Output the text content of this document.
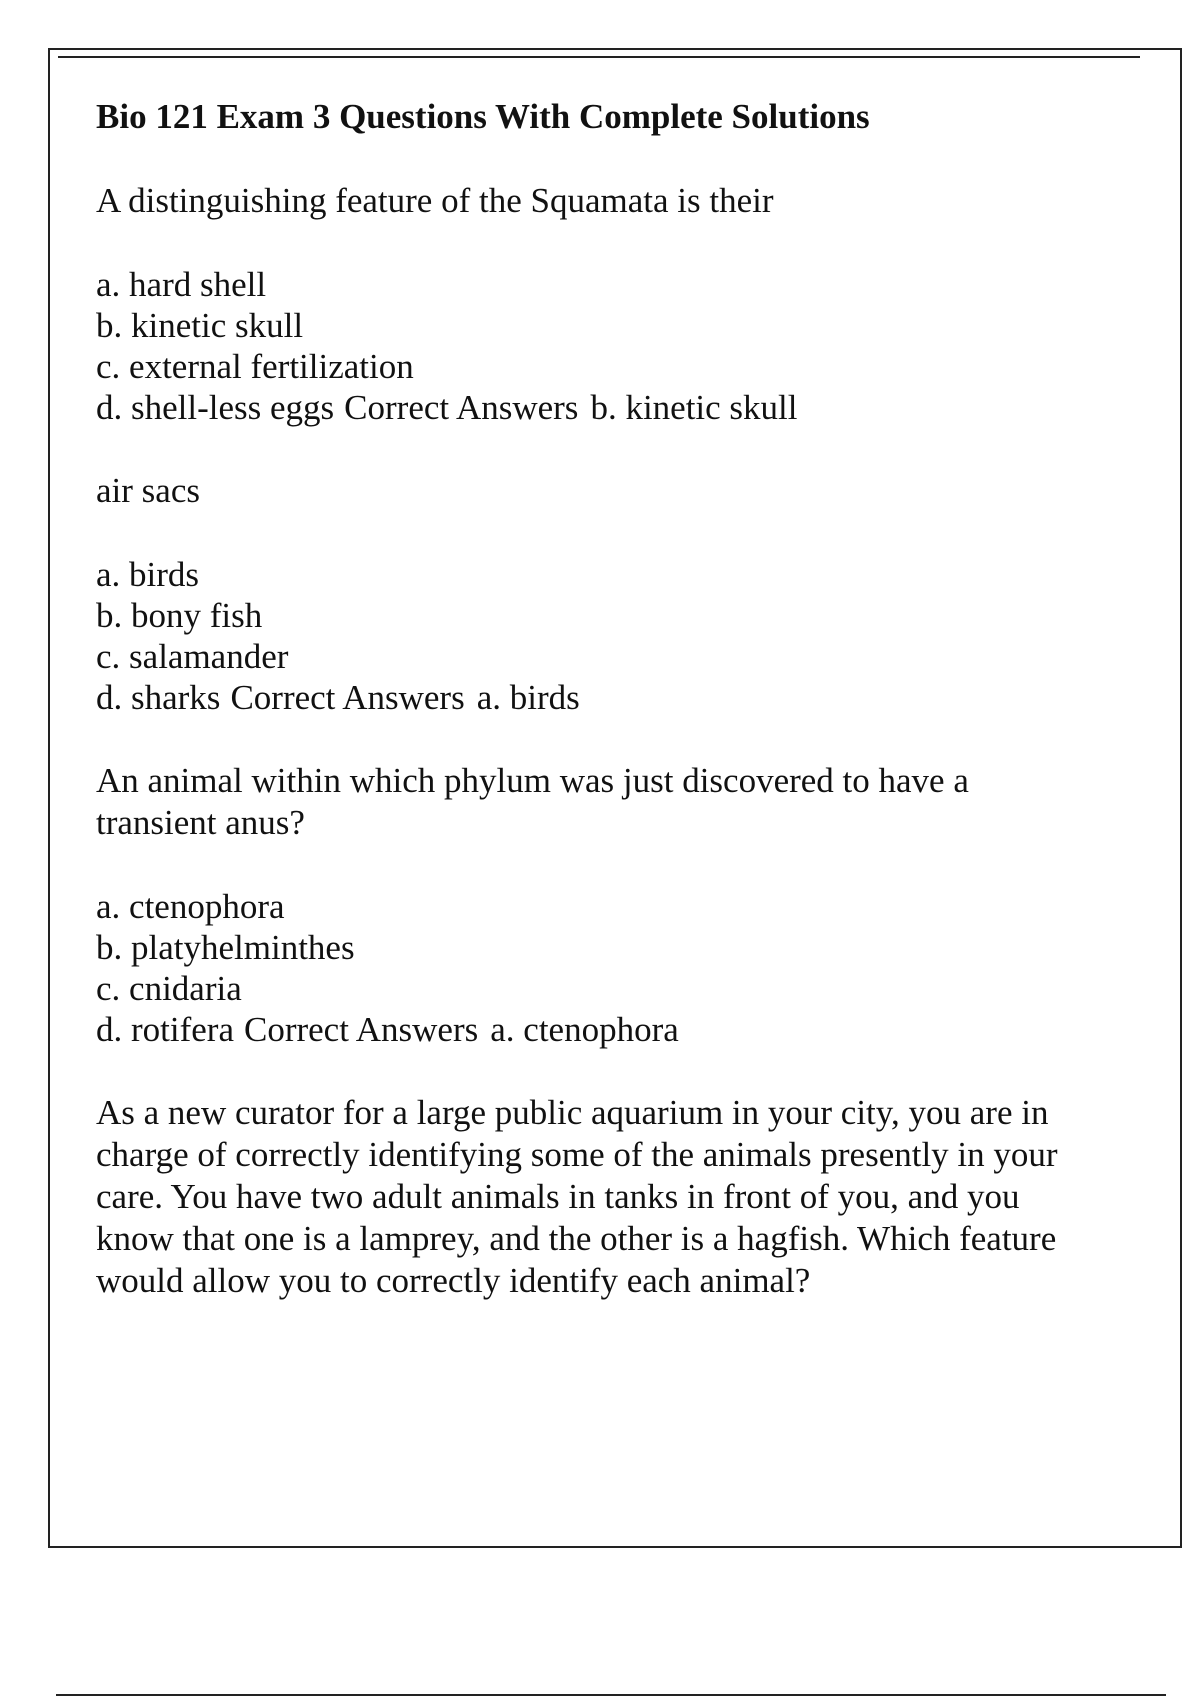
Bio 121 Exam 3 Questions With Complete Solutions

A distinguishing feature of the Squamata is their

a. hard shell

b. kinetic skull

c. external fertilization

d. shell-less eggs Correct Answers b. kinetic skull

air sacs

a. birds

b. bony fish

c. salamander

d. sharks Correct Answers a. birds

An animal within which phylum was just discovered to have a transient anus?

a. ctenophora

b. platyhelminthes

c. cnidaria

d. rotifera Correct Answers a. ctenophora

As a new curator for a large public aquarium in your city, you are in charge of correctly identifying some of the animals presently in your care. You have two adult animals in tanks in front of you, and you know that one is a lamprey, and the other is a hagfish. Which feature would allow you to correctly identify each animal?
